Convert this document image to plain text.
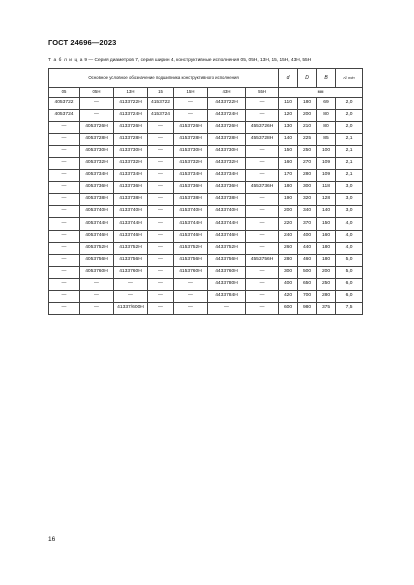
ГОСТ 24696—2023
Т а б л и ц а 9 — Серия диаметров 7, серия ширин 4, конструктивные исполнения 05, 05Н, 13Н, 15, 15Н, 43Н, 55Н
Основное условное обозначение подшипника конструктивного исполнения							d	D	B	r1 min
05	05Н	13Н	15	15Н	43Н	55Н	мм			
4053722	—	4133722Н	4153722	—	4433722Н	—	110	180	69	2,0
4053724	—	4133724Н	4153724	—	4433724Н	—	120	200	80	2,0
—	4053726Н	4133726Н	—	4153726Н	4433726Н	4553726Н	130	210	80	2,0
—	4053728Н	4133728Н	—	4153728Н	4433728Н	4553728Н	140	225	85	2,1
—	4053730Н	4133730Н	—	4153730Н	4433730Н	—	150	250	100	2,1
—	4053732Н	4133732Н	—	4153732Н	4433732Н	—	160	270	109	2,1
—	4053734Н	4133734Н	—	4153734Н	4433734Н	—	170	280	109	2,1
—	4053736Н	4133736Н	—	4153736Н	4433736Н	4553736Н	180	300	118	3,0
—	4053738Н	4133738Н	—	4153738Н	4433738Н	—	190	320	128	3,0
—	4053740Н	4133740Н	—	4153740Н	4433740Н	—	200	340	140	3,0
—	4053744Н	4133744Н	—	4153744Н	4433744Н	—	220	370	150	4,0
—	4053746Н	4133746Н	—	4153746Н	4433746Н	—	240	400	160	4,0
—	4053752Н	4133752Н	—	4153752Н	4433752Н	—	260	440	180	4,0
—	4053756Н	4133756Н	—	4153756Н	4433756Н	4553756Н	280	460	180	5,0
—	4053760Н	4133760Н	—	4153760Н	4433760Н	—	300	500	200	5,0
—	—	—	—	—	4433780Н	—	400	650	250	6,0
—	—	—	—	—	4433784Н	—	420	700	280	6,0
—	—	41337/600Н	—	—	—	—	600	980	375	7,5
16
